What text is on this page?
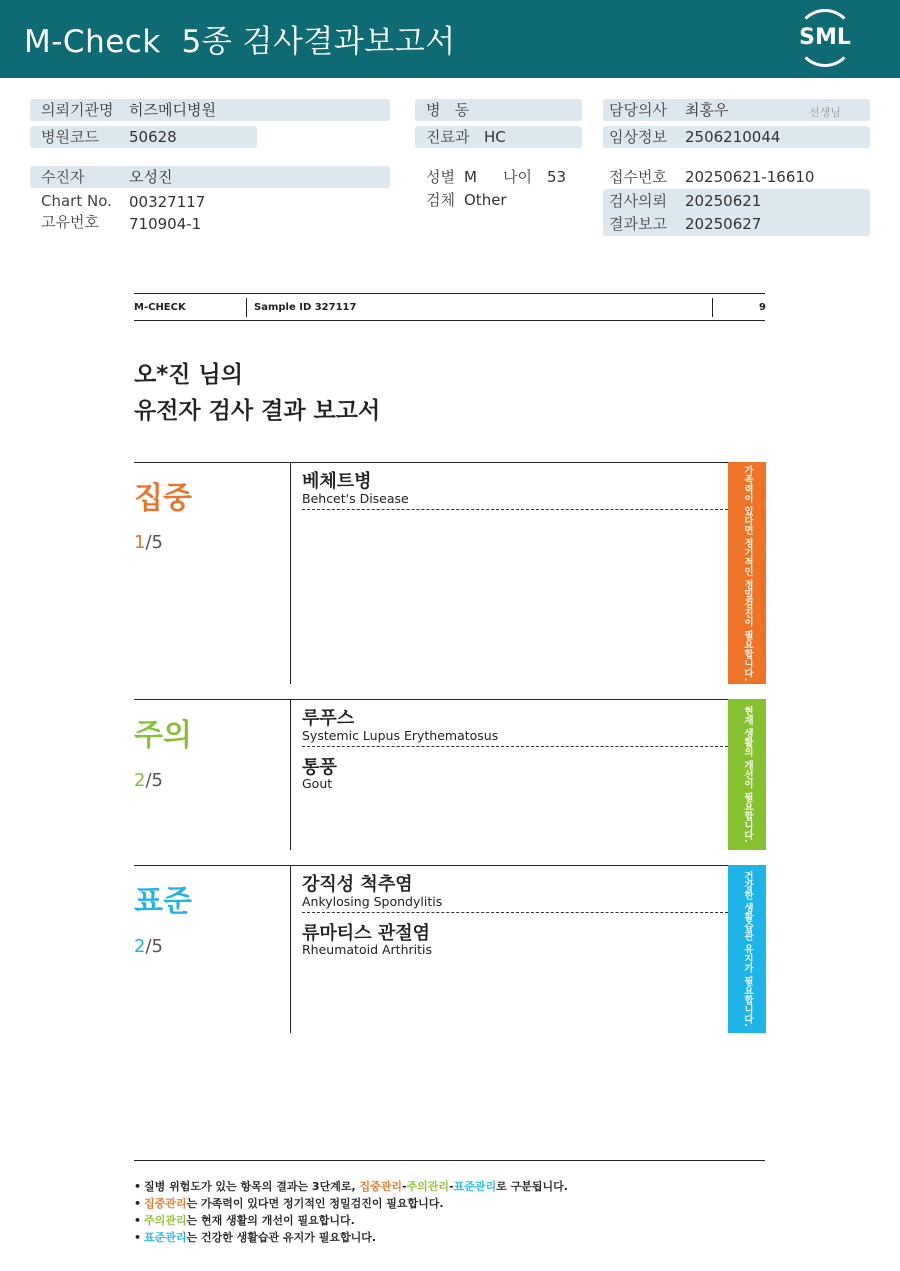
M-Check  5종 검사결과보고서	SML
의뢰기관명 히즈메디병원
병원코드 50628
수진자	오성진
Chart No. 00327117
고유번호 710904-1
병   동
진료과 HC
성별 M 나이 53
검체 Other
담당의사 최홍우	선생님
임상정보 2506210044
접수번호 20250621-16610
검사의뢰 20250621
결과보고 20250627
M-CHECK	Sample ID 327117	9
오*진 님의
유전자 검사 결과 보고서
집중
1/5
베체트병
Behcet's Disease	가족력이 있다면 정기적인 정밀검진이 필요합니다.
주의
2/5
루푸스
Systemic Lupus Erythematosus
통풍
Gout	현재 생활의 개선이 필요합니다.
표준
2/5
강직성 척추염
Ankylosing Spondylitis
류마티스 관절염
Rheumatoid Arthritis	건강한 생활습관 유지가 필요합니다.
• 질병 위험도가 있는 항목의 결과는 3단계로, 집중관리-주의관리-표준관리로 구분됩니다.
• 집중관리는 가족력이 있다면 정기적인 정밀검진이 필요합니다.
• 주의관리는 현재 생활의 개선이 필요합니다.
• 표준관리는 건강한 생활습관 유지가 필요합니다.
